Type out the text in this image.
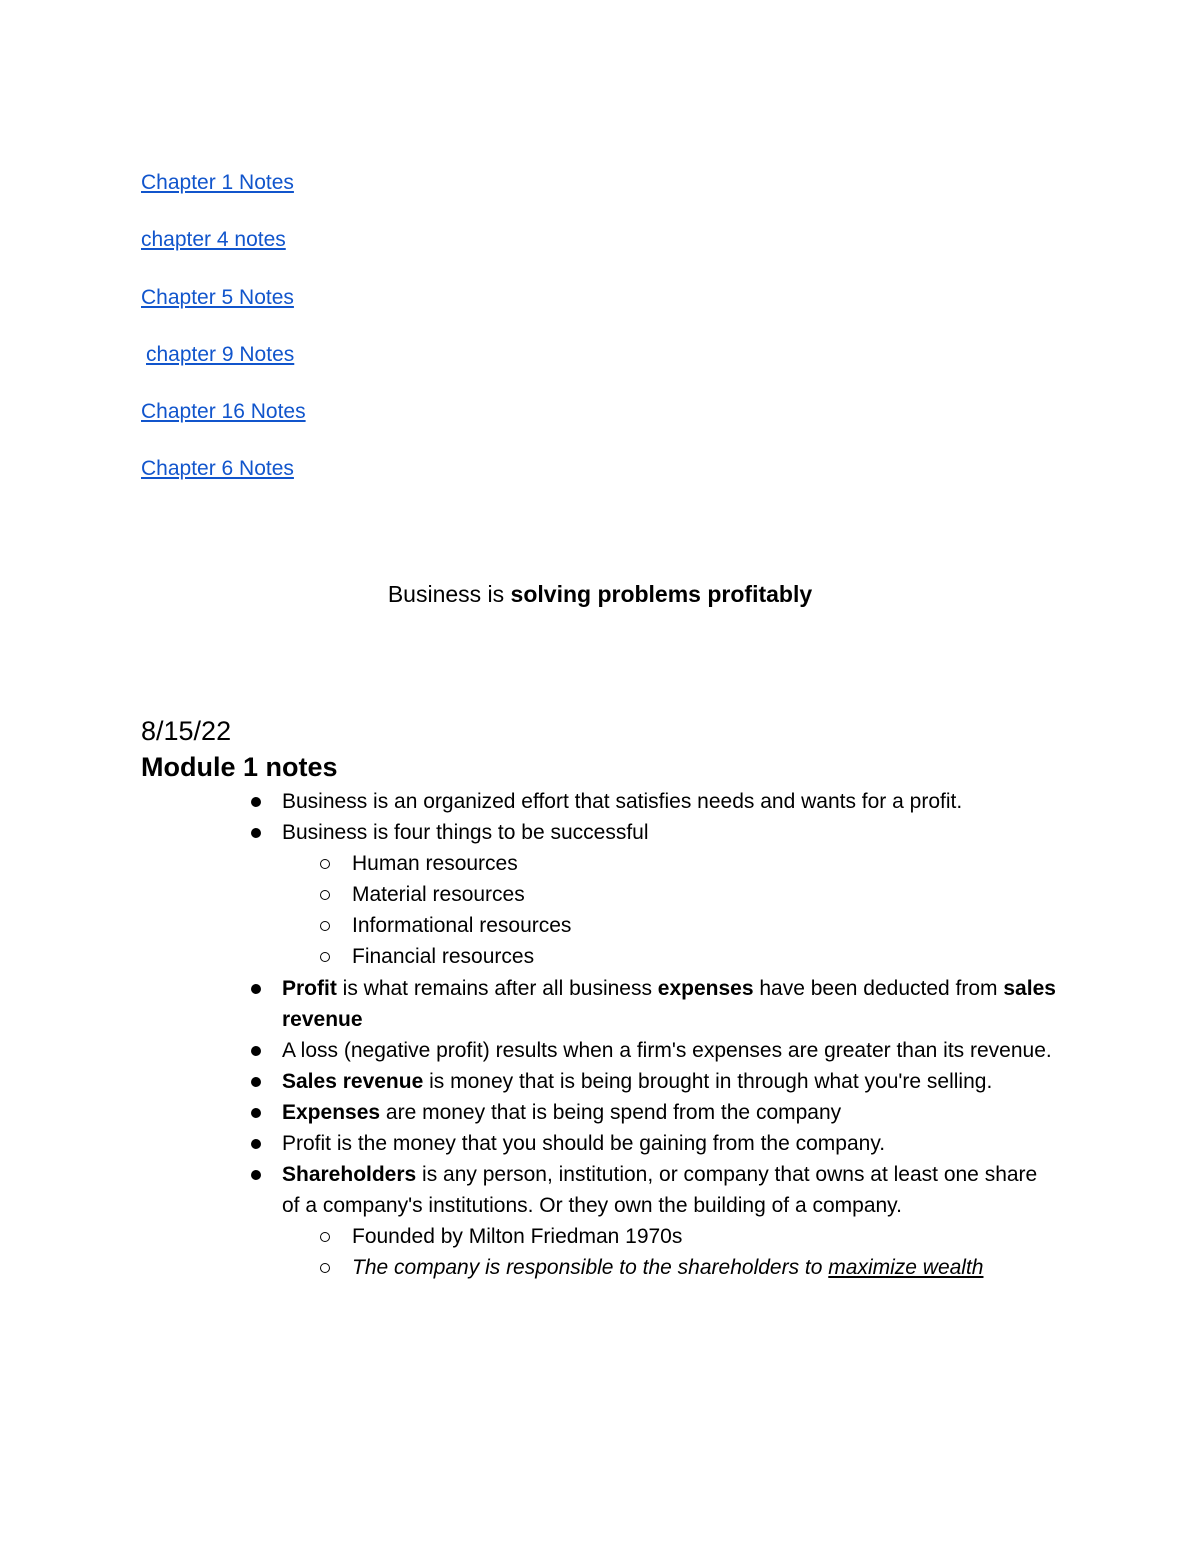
Chapter 1 Notes
chapter 4 notes
Chapter 5 Notes
chapter 9 Notes
Chapter 16 Notes
Chapter 6 Notes
Business is solving problems profitably
8/15/22
Module 1 notes
Business is an organized effort that satisfies needs and wants for a profit.
Business is four things to be successful
Human resources
Material resources
Informational resources
Financial resources
Profit is what remains after all business expenses have been deducted from sales revenue
A loss (negative profit) results when a firm's expenses are greater than its revenue.
Sales revenue is money that is being brought in through what you're selling.
Expenses are money that is being spend from the company
Profit is the money that you should be gaining from the company.
Shareholders is any person, institution, or company that owns at least one share of a company's institutions. Or they own the building of a company.
Founded by Milton Friedman 1970s
The company is responsible to the shareholders to maximize wealth
